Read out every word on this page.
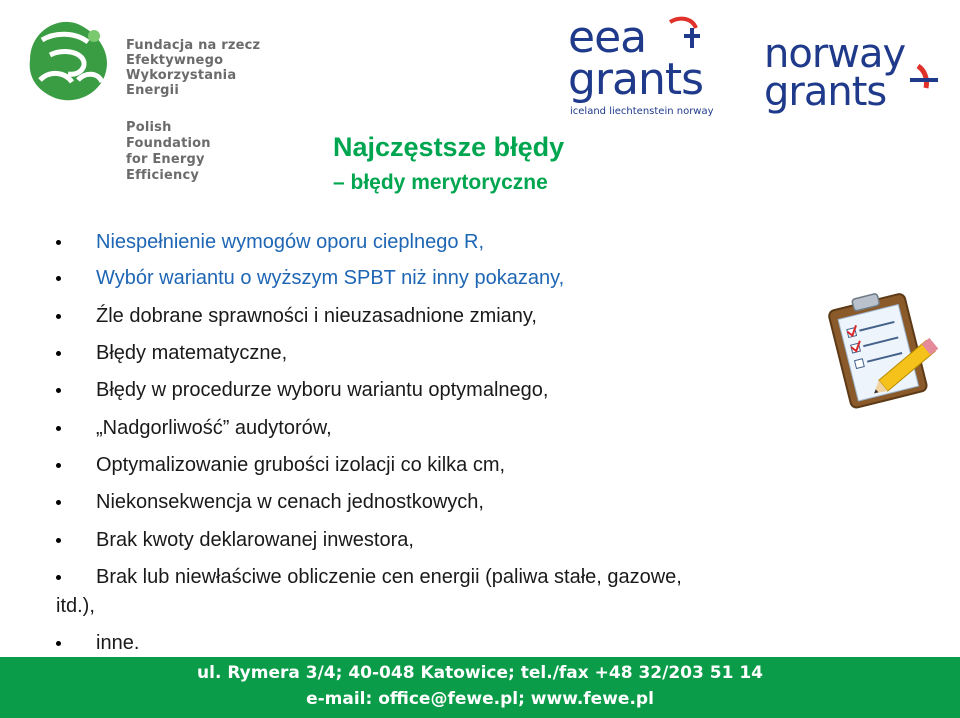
Fundacja na rzecz
Efektywnego
Wykorzystania
Energii
Polish
Foundation
for Energy
Efficiency
eea
grants
iceland liechtenstein norway
norway
grants
Najczęstsze błędy
– błędy merytoryczne
Niespełnienie wymogów oporu cieplnego R,
Wybór wariantu o wyższym SPBT niż inny pokazany,
Źle dobrane sprawności i nieuzasadnione zmiany,
Błędy matematyczne,
Błędy w procedurze wyboru wariantu optymalnego,
„Nadgorliwość” audytorów,
Optymalizowanie grubości izolacji co kilka cm,
Niekonsekwencja w cenach jednostkowych,
Brak kwoty deklarowanej inwestora,
Brak lub niewłaściwe obliczenie cen energii (paliwa stałe, gazowe,
itd.),
inne.
ul. Rymera 3/4; 40-048 Katowice; tel./fax +48 32/203 51 14
e-mail: office@fewe.pl; www.fewe.pl
